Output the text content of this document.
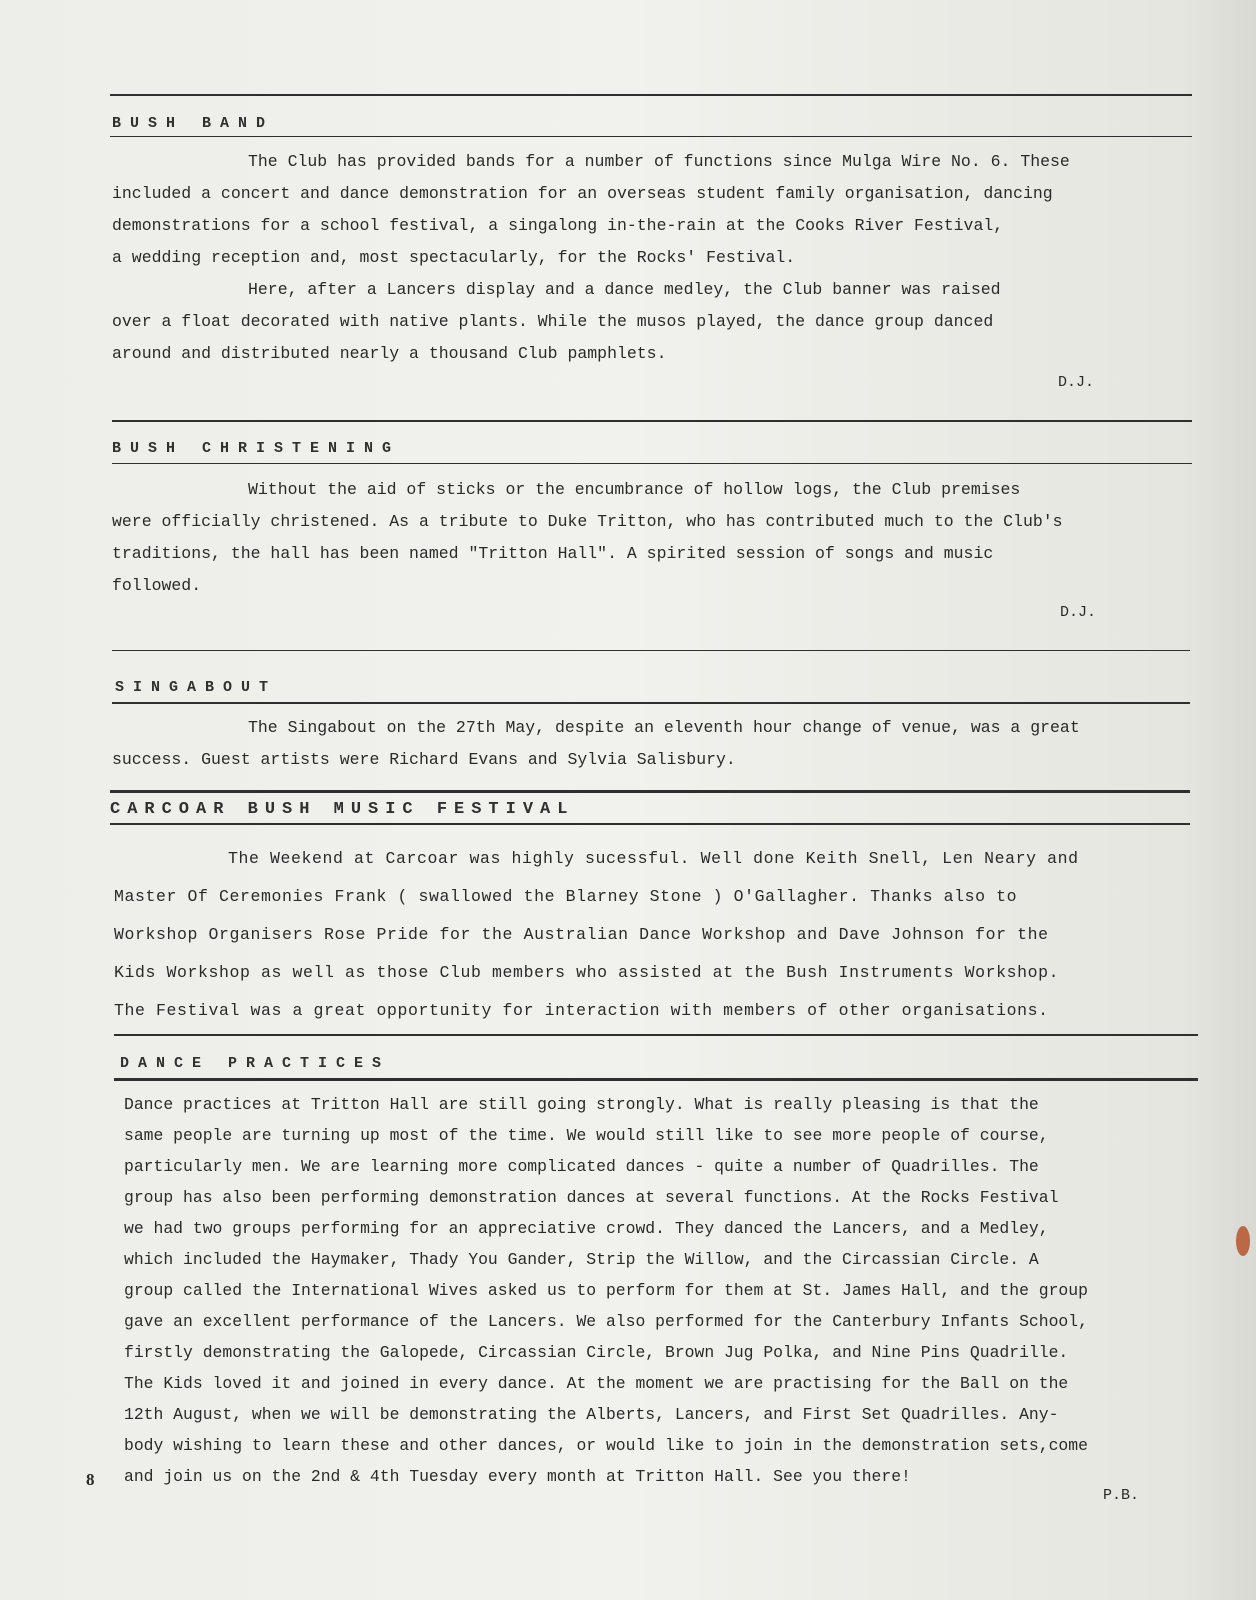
BUSH BAND
The Club has provided bands for a number of functions since Mulga Wire No. 6. These
included a concert and dance demonstration for an overseas student family organisation, dancing
demonstrations for a school festival, a singalong in-the-rain at the Cooks River Festival,
a wedding reception and, most spectacularly, for the Rocks' Festival.
Here, after a Lancers display and a dance medley, the Club banner was raised
over a float decorated with native plants. While the musos played, the dance group danced
around and distributed nearly a thousand Club pamphlets.

D.J.

BUSH CHRISTENING
Without the aid of sticks or the encumbrance of hollow logs, the Club premises
were officially christened. As a tribute to Duke Tritton, who has contributed much to the Club's
traditions, the hall has been named "Tritton Hall". A spirited session of songs and music
followed.

D.J.

SINGABOUT
The Singabout on the 27th May, despite an eleventh hour change of venue, was a great
success. Guest artists were Richard Evans and Sylvia Salisbury.
CARCOAR BUSH MUSIC FESTIVAL
The Weekend at Carcoar was highly sucessful. Well done Keith Snell, Len Neary and
Master Of Ceremonies Frank ( swallowed the Blarney Stone ) O'Gallagher. Thanks also to
Workshop Organisers Rose Pride for the Australian Dance Workshop and Dave Johnson for the
Kids Workshop as well as those Club members who assisted at the Bush Instruments Workshop.
The Festival was a great opportunity for interaction with members of other organisations.
DANCE PRACTICES
Dance practices at Tritton Hall are still going strongly. What is really pleasing is that the
same people are turning up most of the time. We would still like to see more people of course,
particularly men. We are learning more complicated dances - quite a number of Quadrilles. The
group has also been performing demonstration dances at several functions. At the Rocks Festival
we had two groups performing for an appreciative crowd. They danced the Lancers, and a Medley,
which included the Haymaker, Thady You Gander, Strip the Willow, and the Circassian Circle. A
group called the International Wives asked us to perform for them at St. James Hall, and the group
gave an excellent performance of the Lancers. We also performed for the Canterbury Infants School,
firstly demonstrating the Galopede, Circassian Circle, Brown Jug Polka, and Nine Pins Quadrille.
The Kids loved it and joined in every dance. At the moment we are practising for the Ball on the
12th August, when we will be demonstrating the Alberts, Lancers, and First Set Quadrilles. Any-
body wishing to learn these and other dances, or would like to join in the demonstration sets,come
and join us on the 2nd & 4th Tuesday every month at Tritton Hall. See you there!

8

P.B.
